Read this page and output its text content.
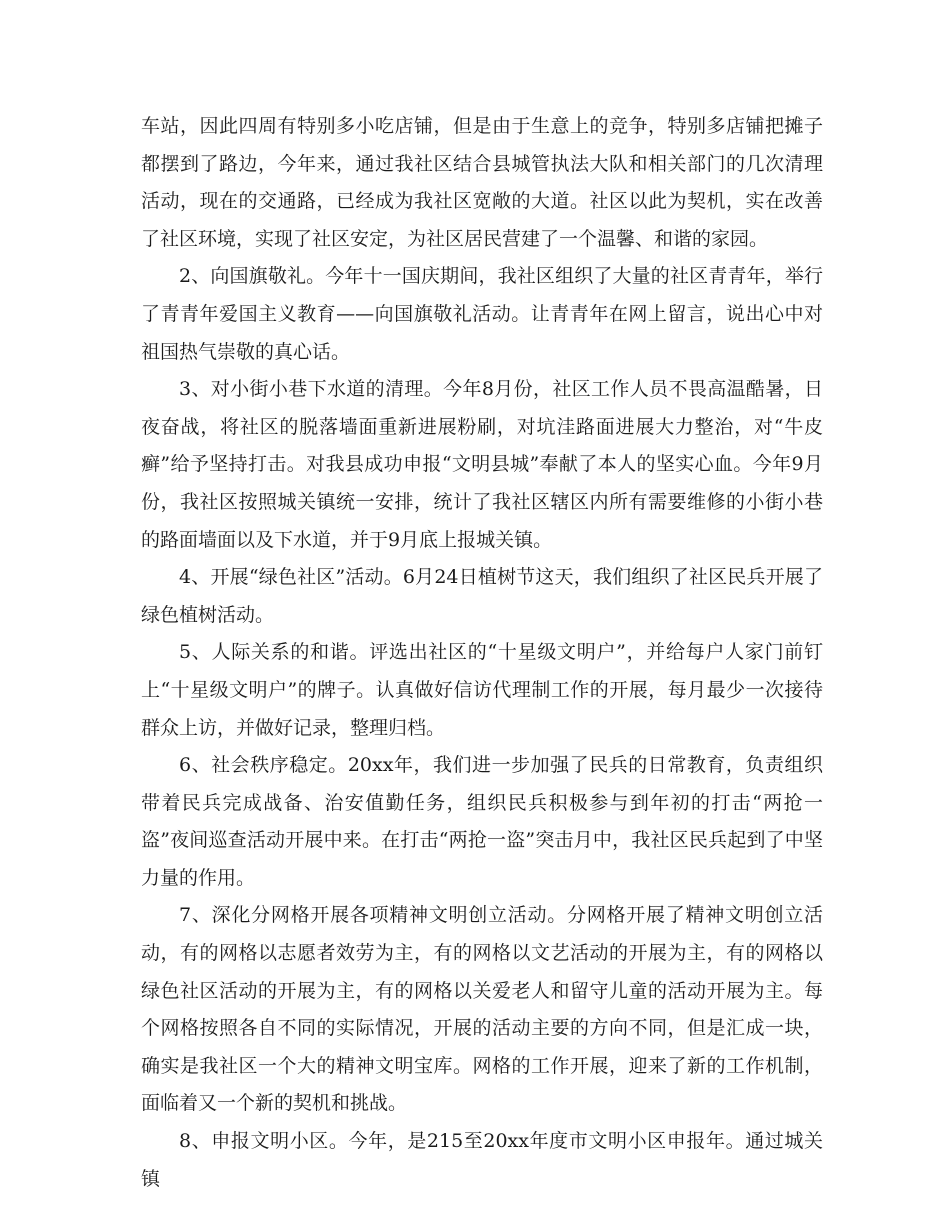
车站，因此四周有特别多小吃店铺，但是由于生意上的竞争，特别多店铺把摊子都摆到了路边，今年来，通过我社区结合县城管执法大队和相关部门的几次清理活动，现在的交通路，已经成为我社区宽敞的大道。社区以此为契机，实在改善了社区环境，实现了社区安定，为社区居民营建了一个温馨、和谐的家园。

2、向国旗敬礼。今年十一国庆期间，我社区组织了大量的社区青青年，举行了青青年爱国主义教育——向国旗敬礼活动。让青青年在网上留言，说出心中对祖国热气崇敬的真心话。

3、对小街小巷下水道的清理。今年8月份，社区工作人员不畏高温酷暑，日夜奋战，将社区的脱落墙面重新进展粉刷，对坑洼路面进展大力整治，对“牛皮癣”给予坚持打击。对我县成功申报“文明县城”奉献了本人的坚实心血。今年9月份，我社区按照城关镇统一安排，统计了我社区辖区内所有需要维修的小街小巷的路面墙面以及下水道，并于9月底上报城关镇。

4、开展“绿色社区”活动。6月24日植树节这天，我们组织了社区民兵开展了绿色植树活动。

5、人际关系的和谐。评选出社区的“十星级文明户”，并给每户人家门前钉上“十星级文明户”的牌子。认真做好信访代理制工作的开展，每月最少一次接待群众上访，并做好记录，整理归档。

6、社会秩序稳定。20xx年，我们进一步加强了民兵的日常教育，负责组织带着民兵完成战备、治安值勤任务，组织民兵积极参与到年初的打击“两抢一盗”夜间巡查活动开展中来。在打击“两抢一盗”突击月中，我社区民兵起到了中坚力量的作用。

7、深化分网格开展各项精神文明创立活动。分网格开展了精神文明创立活动，有的网格以志愿者效劳为主，有的网格以文艺活动的开展为主，有的网格以绿色社区活动的开展为主，有的网格以关爱老人和留守儿童的活动开展为主。每个网格按照各自不同的实际情况，开展的活动主要的方向不同，但是汇成一块，确实是我社区一个大的精神文明宝库。网格的工作开展，迎来了新的工作机制，面临着又一个新的契机和挑战。

8、申报文明小区。今年，是215至20xx年度市文明小区申报年。通过城关镇
